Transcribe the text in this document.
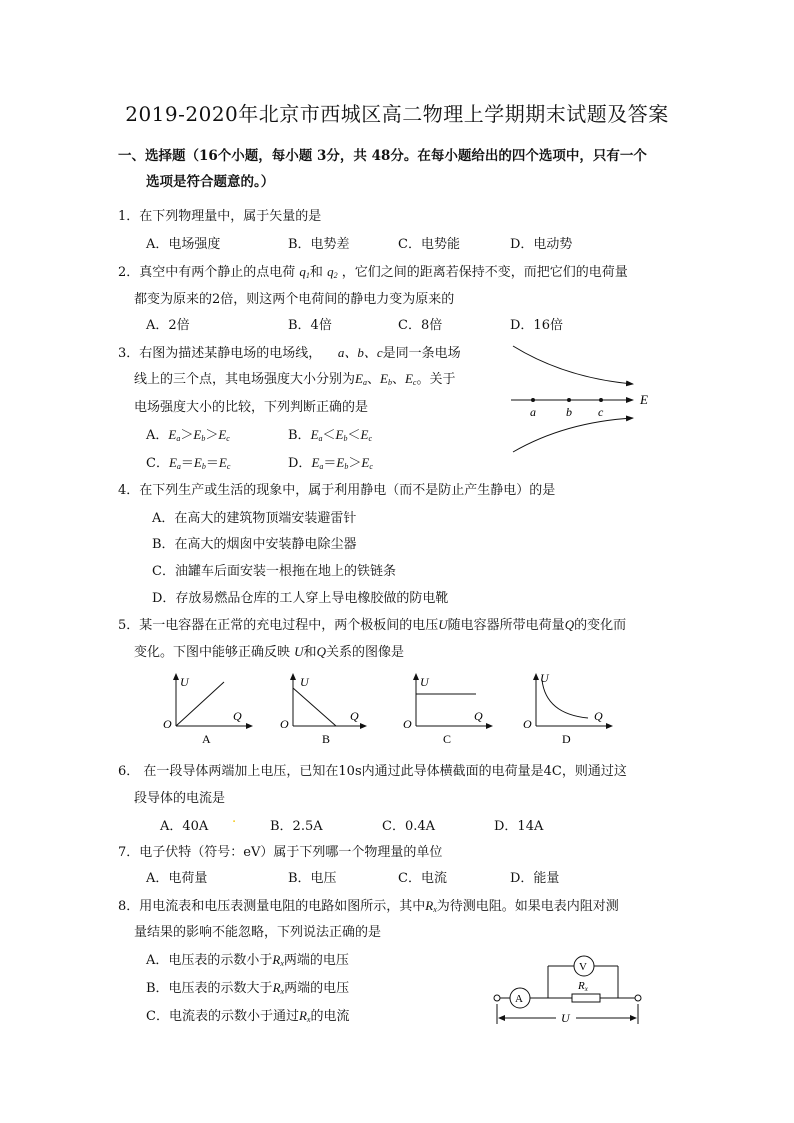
2019-2020年北京市西城区高二物理上学期期末试题及答案
一、选择题（16个小题，每小题 3分，共 48分。在每小题给出的四个选项中，只有一个
选项是符合题意的。）
1．在下列物理量中，属于矢量的是
A．电场强度	B．电势差	C．电势能	D．电动势
2．真空中有两个静止的点电荷 $q_1$和 $q_2$ ，它们之间的距离若保持不变，而把它们的电荷量
都变为原来的2倍，则这两个电荷间的静电力变为原来的
A．2倍	B．4倍	C．8倍	D．16倍
3．右图为描述某静电场的电场线， a、b、c是同一条电场
线上的三个点，其电场强度大小分别为$E_a$、$E_b$、$E_c$。关于
电场强度大小的比较，下列判断正确的是
A．$E_a>E_b>E_c$	B．$E_a<E_b<E_c$
C．$E_a=E_b=E_c$	D．$E_a=E_b>E_c$
a	b c
E
4．在下列生产或生活的现象中，属于利用静电（而不是防止产生静电）的是
A．在高大的建筑物顶端安装避雷针
B．在高大的烟囱中安装静电除尘器
C．油罐车后面安装一根拖在地上的铁链条
D．存放易燃品仓库的工人穿上导电橡胶做的防电靴
5．某一电容器在正常的充电过程中，两个极板间的电压U随电容器所带电荷量Q的变化而
变化。下图中能够正确反映 U和Q关系的图像是
U
Q
O
A
U
Q
O
B
U
Q
O
C
U
Q
O
D
6． 在一段导体两端加上电压，已知在10s内通过此导体横截面的电荷量是4C，则通过这
段导体的电流是
A．40A
.
B．2.5A	C．0.4A	D．14A
7．电子伏特（符号：eV）属于下列哪一个物理量的单位
A．电荷量	B．电压	C．电流	D．能量
8．用电流表和电压表测量电阻的电路如图所示，其中$R_x$为待测电阻。如果电表内阻对测
量结果的影响不能忽略，下列说法正确的是
A．电压表的示数小于$R_x$两端的电压
B．电压表的示数大于$R_x$两端的电压
C．电流表的示数小于通过$R_x$的电流
A
Rx
V
U
